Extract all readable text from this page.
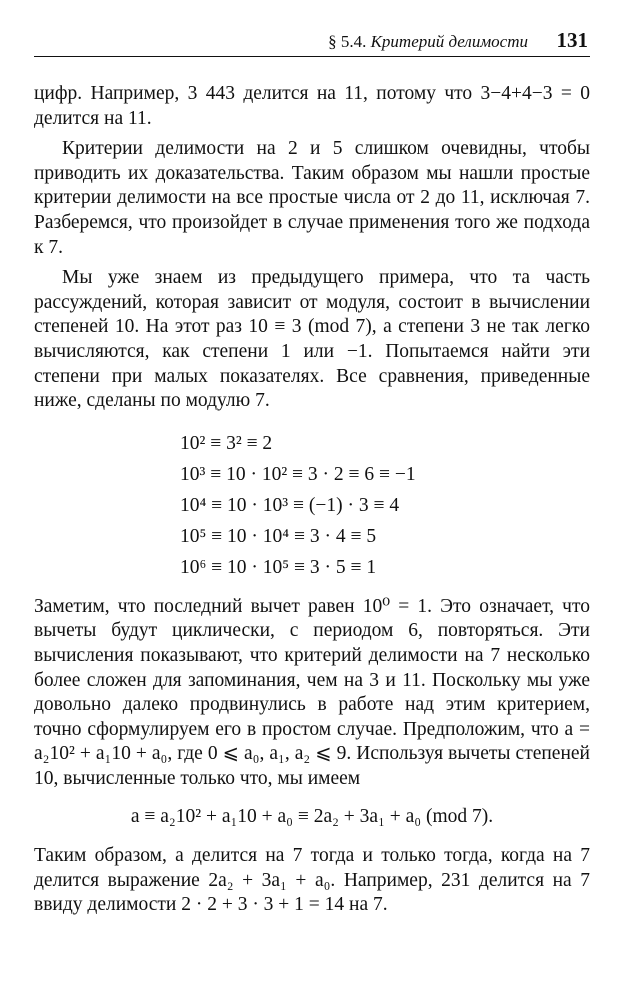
§ 5.4. Критерий делимости 131

цифр. Например, 3 443 делится на 11, потому что 3−4+4−3 = 0 делится на 11.

Критерии делимости на 2 и 5 слишком очевидны, чтобы приводить их доказательства. Таким образом мы нашли простые критерии делимости на все простые числа от 2 до 11, исключая 7. Разберемся, что произойдет в случае применения того же подхода к 7.

Мы уже знаем из предыдущего примера, что та часть рассуждений, которая зависит от модуля, состоит в вычислении степеней 10. На этот раз 10 ≡ 3 (mod 7), а степени 3 не так легко вычисляются, как степени 1 или −1. Попытаемся найти эти степени при малых показателях. Все сравнения, приведенные ниже, сделаны по модулю 7.

10² ≡ 3² ≡ 2
10³ ≡ 10 · 10² ≡ 3 · 2 ≡ 6 ≡ −1
10⁴ ≡ 10 · 10³ ≡ (−1) · 3 ≡ 4
10⁵ ≡ 10 · 10⁴ ≡ 3 · 4 ≡ 5
10⁶ ≡ 10 · 10⁵ ≡ 3 · 5 ≡ 1

Заметим, что последний вычет равен 10⁰ = 1. Это означает, что вычеты будут циклически, с периодом 6, повторяться. Эти вычисления показывают, что критерий делимости на 7 несколько более сложен для запоминания, чем на 3 и 11. Поскольку мы уже довольно далеко продвинулись в работе над этим критерием, точно сформулируем его в простом случае. Предположим, что a = a₂10² + a₁10 + a₀, где 0 ⩽ a₀, a₁, a₂ ⩽ 9. Используя вычеты степеней 10, вычисленные только что, мы имеем

a ≡ a₂10² + a₁10 + a₀ ≡ 2a₂ + 3a₁ + a₀ (mod 7).

Таким образом, a делится на 7 тогда и только тогда, когда на 7 делится выражение 2a₂ + 3a₁ + a₀. Например, 231 делится на 7 ввиду делимости 2 · 2 + 3 · 3 + 1 = 14 на 7.
